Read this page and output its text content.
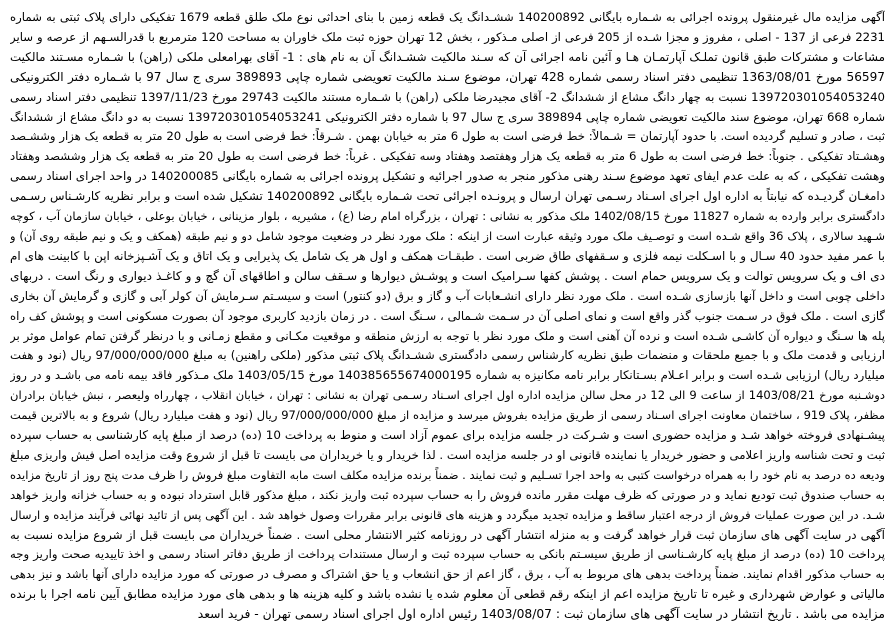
آگهی مزایده مال غیرمنقول پرونده اجرائی به شـماره بایگانی 140200892 ششـدانگ یک قطعه زمین با بنای احداثی نوع ملک طلق قطعه 1679 تفکیکی دارای پلاک ثبتی به شماره
2231 فرعی از 137 - اصلی ، مفروز و مجزا شـده از 205 فرعی از اصلی مـذکور ، بخش 12 تهران حوزه ثبت ملک خاوران به مساحت 120 مترمربع با قدرالسـهم از عرصه و سایر
مشاعات و مشترکات طبق قانون تملـک آپارتمـان هـا و آئین نامه اجرائی آن که سـند مالکیت ششـدانگ آن به نام های : 1- آقای بهرامعلی ملکی (راهن) با شـماره مسـتند مالکیت
56597 مورخ 1363/08/01 تنظیمی دفتر اسناد رسمی شماره 428 تهران، موضوع سـند مالکیت تعویضی شماره چاپی 389893 سری ج سال 97 با شـماره دفتر الکترونیکی
139720301054053240 نسبت به چهار دانگ مشاع از ششدانگ 2- آقای مجیدرضا ملکی (راهن) با شـماره مستند مالکیت 29743 مورخ 1397/11/23 تنظیمی دفتر اسناد رسمی
شماره 668 تهران، موضوع سند مالکیت تعویضی شماره چاپی 389894 سری ج سال 97 با شماره دفتر الکترونیکی 139720301054053241 نسبت به دو دانگ مشاع از ششدانگ
ثبت ، صادر و تسلیم گردیده است. با حدود آپارتمان = شـمالاً: خط فرضی است به طول 6 متر به خیابان بهمن . شـرقاً: خط فرضی است به طول 20 متر به قطعه یک هزار وششـصد
وهشـتاد تفکیکی . جنوباً: خط فرضی است به طول 6 متر به قطعه یک هزار وهفتصد وهفتاد وسه تفکیکی . غرباً: خط فرضی است به طول 20 متر به قطعه یک هزار وششصد وهفتاد
وهشت تفکیکی ، که به علت عدم ایفای تعهد موضوع سـند رهنی مذکور منجر به صدور اجرائیه و تشکیل پرونده اجرائی به شماره بایگانی 140200085 در واحد اجرای اسناد رسمی
دامغـان گردیـده که نیابتاً به اداره اول اجرای اسـناد رسـمی تهران ارسال و پرونـده اجرائی تحت شـماره بایگانی 140200892 تشکیل شده است و برابر نظریه کارشـناس رسـمی
دادگستری برابر وارده به شماره 11827 مورخ 1402/08/15 ملک مذکور به نشانی : تهران ، بزرگراه امام رضا (ع) ، مشیریه ، بلوار مزینانی ، خیابان بوعلی ، خیابان سازمان آب ، کوچه
شـهید سالاری ، پلاک 36 واقع شـده است و توصـیف ملک مورد وثیقه عبارت است از اینکه : ملک مورد نظر در وضعیت موجود شامل دو و نیم طبقه (همکف و یک و نیم طبقه روی آن) و
با عمر مفید حدود 40 سـال و با اسـکلت نیمه فلزی و سـقفهای طاق ضربی است . طبقـات همکف و اول هر یک شامل یک پذیرایی و یک اتاق و یک آشـپزخانه اپن با کابینت های ام
دی اف و یک سرویس توالت و یک سرویس حمام است . پوشش کفها سـرامیک است و پوشـش دیوارها و سـقف سالن و اطاقهای آن گچ و و کاغـذ دیواری و رنگ است . دربهای
داخلی چوبی است و داخل آنها بازسازی شـده است . ملک مورد نظر دارای انشـعابات آب و گاز و برق (دو کنتور) است و سیسـتم سـرمایش آن کولر آبی و گازی و گرمایش آن بخاری
گازی است . ملک فوق در سـمت جنوب گذر واقع است و نمای اصلی آن در سـمت شـمالی ، سـنگ است . در زمان بازدید کاربری موجود آن بصورت مسکونی است و پوشش کف راه
پله ها سـنگ و دیواره آن کاشـی شـده است و نرده آن آهنی است و ملک مورد نظر با توجه به ارزش منطقه و موقعیت مکـانی و مقطع زمـانی و با درنظر گرفتن تمام عوامل موثر بر
ارزیابی و قدمت ملک و با جمیع ملحقات و منضمات طبق نظریه کارشناس رسمی دادگستری ششـدانگ پلاک ثبتی مذکور (ملکی راهنین) به مبلغ 97/000/000/000 ریال (نود و هفت
میلیارد ریال) ارزیابی شـده است و برابر اعـلام بسـتانکار برابر نامه مکانیزه به شماره 140385655674000195 مورخ 1403/05/15 ملک مـذکور فاقد بیمه نامه می باشـد و در روز
دوشـنبه مورخ 1403/08/21 از ساعت 9 الی 12 در محل سالن مزایده اداره اول اجرای اسـناد رسـمی تهران به نشانی : تهران ، خیابان انقلاب ، چهارراه ولیعصر ، نبش خیابان برادران
مظفر، پلاک 919 ، ساختمان معاونت اجرای اسـناد رسمی از طریق مزایده بفروش میرسد و مزایده از مبلغ 97/000/000/000 ریال (نود و هفت میلیارد ریال) شروع و به بالاترین قیمت
پیشـنهادی فروخته خواهد شـد و مزایده حضوری است و شـرکت در جلسه مزایده برای عموم آزاد است و منوط به پرداخت 10 (ده) درصد از مبلغ پایه کارشناسی به حساب سپرده
ثبت و تحت شناسه واریز اعلامی و حضور خریدار یا نماینده قانونی او در جلسه مزایده است . لذا خریدار و یا خریداران می بایست تا قبل از شروع وقت مزایده اصل فیش واریزی مبلغ
ودیعه ده درصد به نام خود را به همراه درخواست کتبی به واحد اجرا تسـلیم و ثبت نمایند . ضمناً برنده مزایده مکلف است مابه التفاوت مبلغ فروش را ظرف مدت پنج روز از تاریخ مزایده
به حساب صندوق ثبت تودیع نماید و در صورتی که ظرف مهلت مقرر مانده فروش را به حساب سپرده ثبت واریز نکند ، مبلغ مذکور قابل استرداد نبوده و به حساب خزانه واریز خواهد
شـد. در این صورت عملیات فروش از درجه اعتبار ساقط و مزایده تجدید میگردد و هزینه های قانونی برابر مقررات وصول خواهد شد . این آگهی پس از تائید نهائی فرآیند مزایده و ارسال
آگهی در سایت آگهی های سازمان ثبت قرار خواهد گرفت و به منزله انتشار آگهی در روزنامه کثیر الانتشار محلی است . ضمناً خریداران می بایست قبل از شروع مزایده نسبت به
پرداخت 10 (ده) درصد از مبلغ پایه کارشـناسی از طریق سیسـتم بانکی به حساب سپرده ثبت و ارسال مستندات پرداخت از طریق دفاتر اسناد رسمی و اخذ تاییدیه صحت واریز وجه
به حساب مذکور اقدام نمایند. ضمناً پرداخت بدهی های مربوط به آب ، برق ، گاز اعم از حق انشعاب و یا حق اشتراک و مصرف در صورتی که مورد مزایده دارای آنها باشد و نیز بدهی
مالیاتی و عوارض شهرداری و غیره تا تاریخ مزایده اعم از اینکه رقم قطعی آن معلوم شده یا نشده باشد و کلیه هزینه ها و بدهی های مورد مزایده مطابق آیین نامه اجرا با برنده
مزایده می باشد . تاریخ انتشار در سایت آگهی های سازمان ثبت : 1403/08/07 رئیس اداره اول اجرای اسناد رسمی تهران - فرید اسعد
